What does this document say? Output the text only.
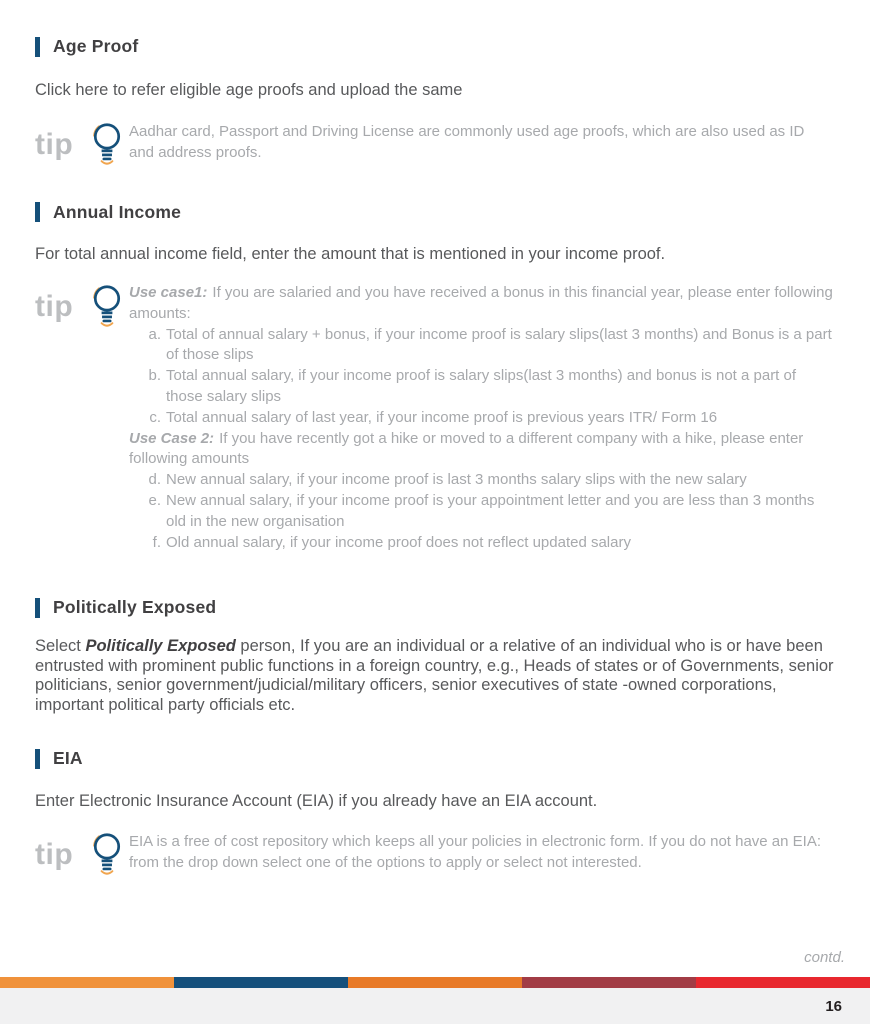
Age Proof

Click here to refer eligible age proofs and upload the same

tip	Aadhar card, Passport and Driving License are commonly used age proofs, which are also used as ID and address proofs.
Annual Income

For total annual income field, enter the amount that is mentioned in your income proof.

tip	Use case1: If you are salaried and you have received a bonus in this financial year, please enter following amounts:
a. Total of annual salary + bonus, if your income proof is salary slips(last 3 months) and Bonus is a part of those slips
b. Total annual salary, if your income proof is salary slips(last 3 months) and bonus is not a part of those salary slips
c. Total annual salary of last year, if your income proof is previous years ITR/ Form 16
Use Case 2: If you have recently got a hike or moved to a different company with a hike, please enter following amounts
d. New annual salary, if your income proof is last 3 months salary slips with the new salary
e. New annual salary, if your income proof is your appointment letter and you are less than 3 months old in the new organisation
f. Old annual salary, if your income proof does not reflect updated salary
Politically Exposed

Select Politically Exposed person, If you are an individual or a relative of an individual who is or have been entrusted with prominent public functions in a foreign country, e.g., Heads of states or of Governments, senior politicians, senior government/judicial/military officers, senior executives of state -owned corporations, important political party officials etc.

EIA

Enter Electronic Insurance Account (EIA) if you already have an EIA account.

tip	EIA is a free of cost repository which keeps all your policies in electronic form. If you do not have an EIA: from the drop down select one of the options to apply or select not interested.
contd.
16
